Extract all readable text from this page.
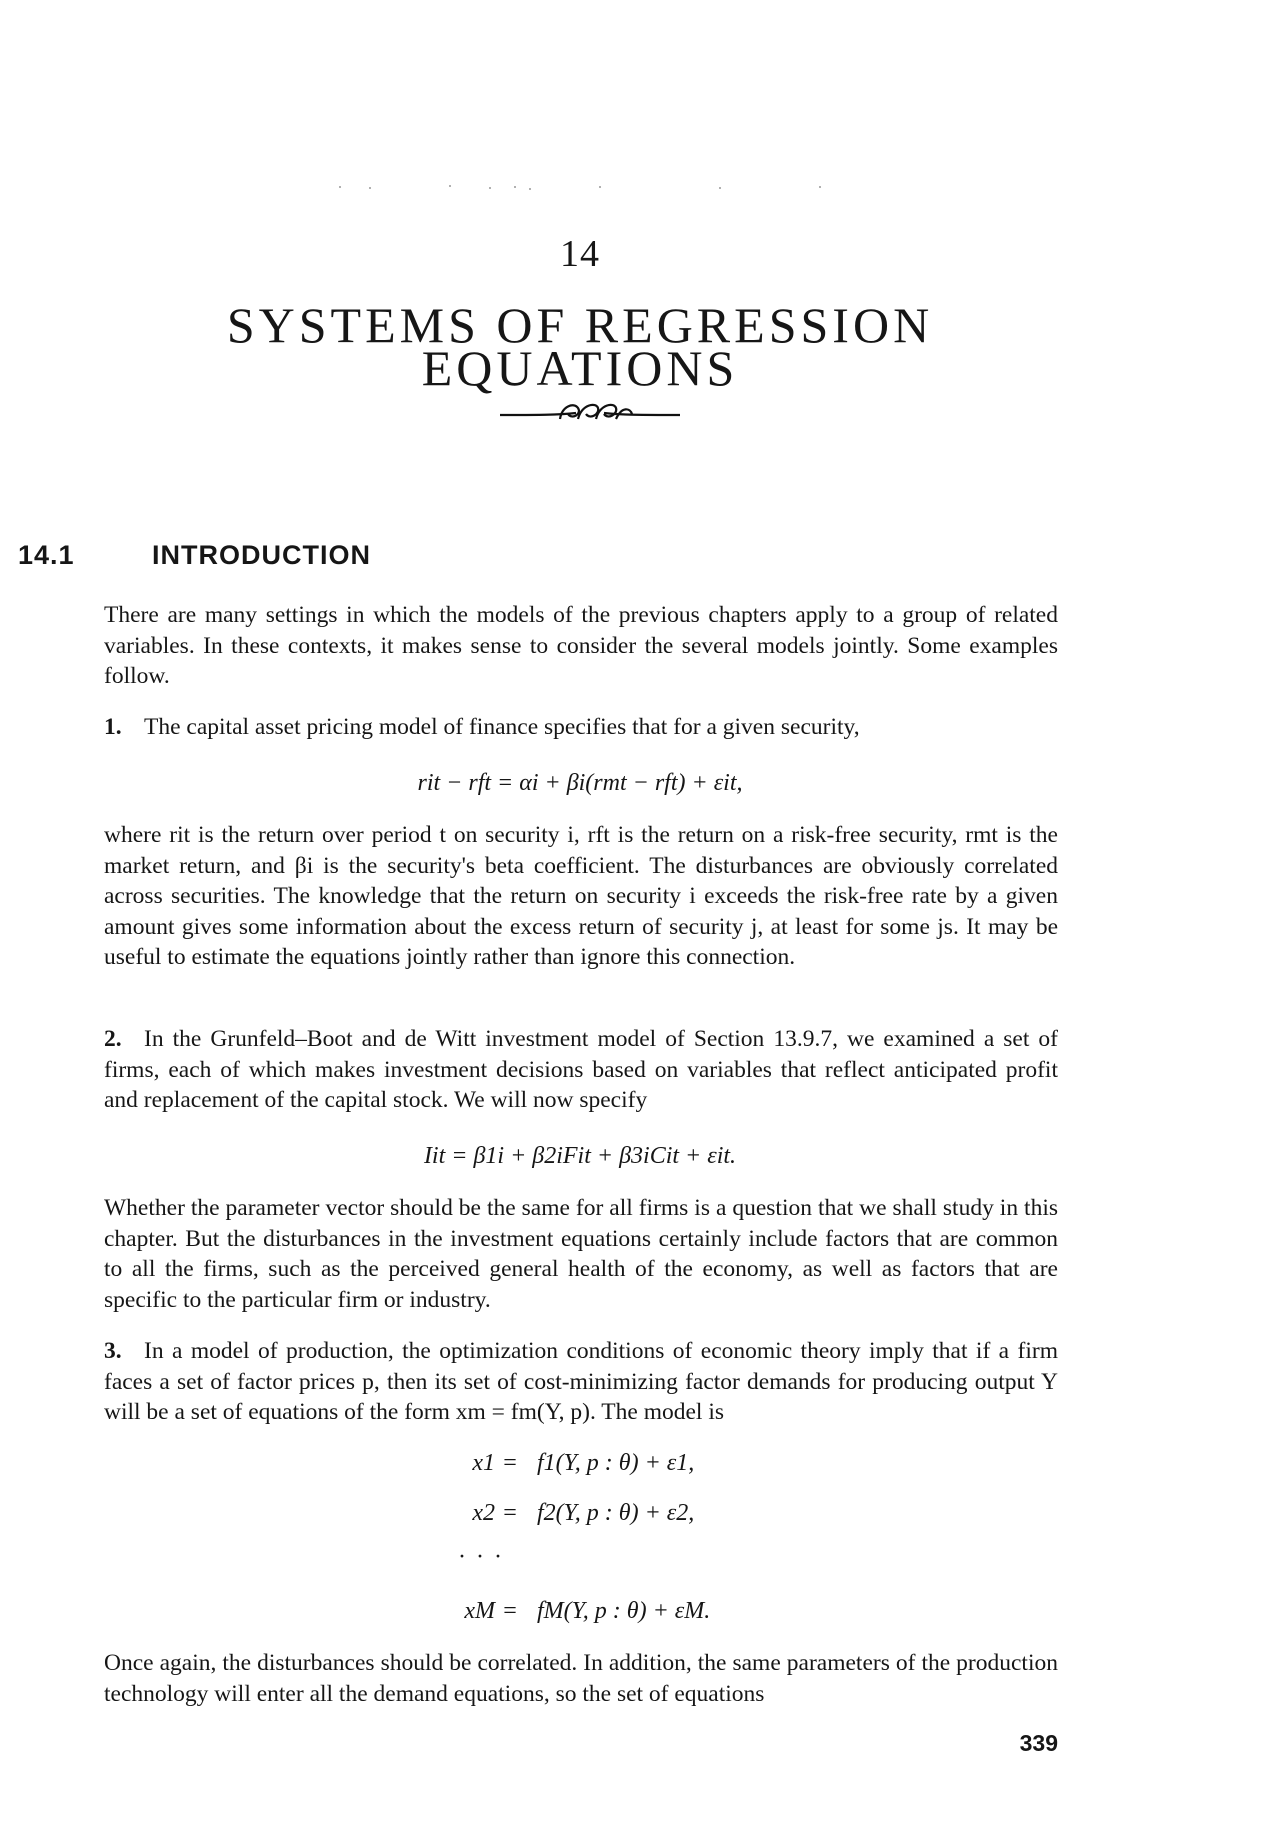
14
SYSTEMS OF REGRESSION
EQUATIONS
14.1	INTRODUCTION

There are many settings in which the models of the previous chapters apply to a group of related variables. In these contexts, it makes sense to consider the several models jointly. Some examples follow.

1. The capital asset pricing model of finance specifies that for a given security,

rit − rft = αi + βi(rmt − rft) + εit,

where rit is the return over period t on security i, rft is the return on a risk-free security, rmt is the market return, and βi is the security's beta coefficient. The disturbances are obviously correlated across securities. The knowledge that the return on security i exceeds the risk-free rate by a given amount gives some information about the excess return of security j, at least for some js. It may be useful to estimate the equations jointly rather than ignore this connection.

2. In the Grunfeld–Boot and de Witt investment model of Section 13.9.7, we examined a set of firms, each of which makes investment decisions based on variables that reflect anticipated profit and replacement of the capital stock. We will now specify

Iit = β1i + β2iFit + β3iCit + εit.

Whether the parameter vector should be the same for all firms is a question that we shall study in this chapter. But the disturbances in the investment equations certainly include factors that are common to all the firms, such as the perceived general health of the economy, as well as factors that are specific to the particular firm or industry.

3. In a model of production, the optimization conditions of economic theory imply that if a firm faces a set of factor prices p, then its set of cost-minimizing factor demands for producing output Y will be a set of equations of the form xm = fm(Y, p). The model is

x1 = f1(Y, p : θ) + ε1,
x2 = f2(Y, p : θ) + ε2,
· · ·
xM = fM(Y, p : θ) + εM.

Once again, the disturbances should be correlated. In addition, the same parameters of the production technology will enter all the demand equations, so the set of equations

339
